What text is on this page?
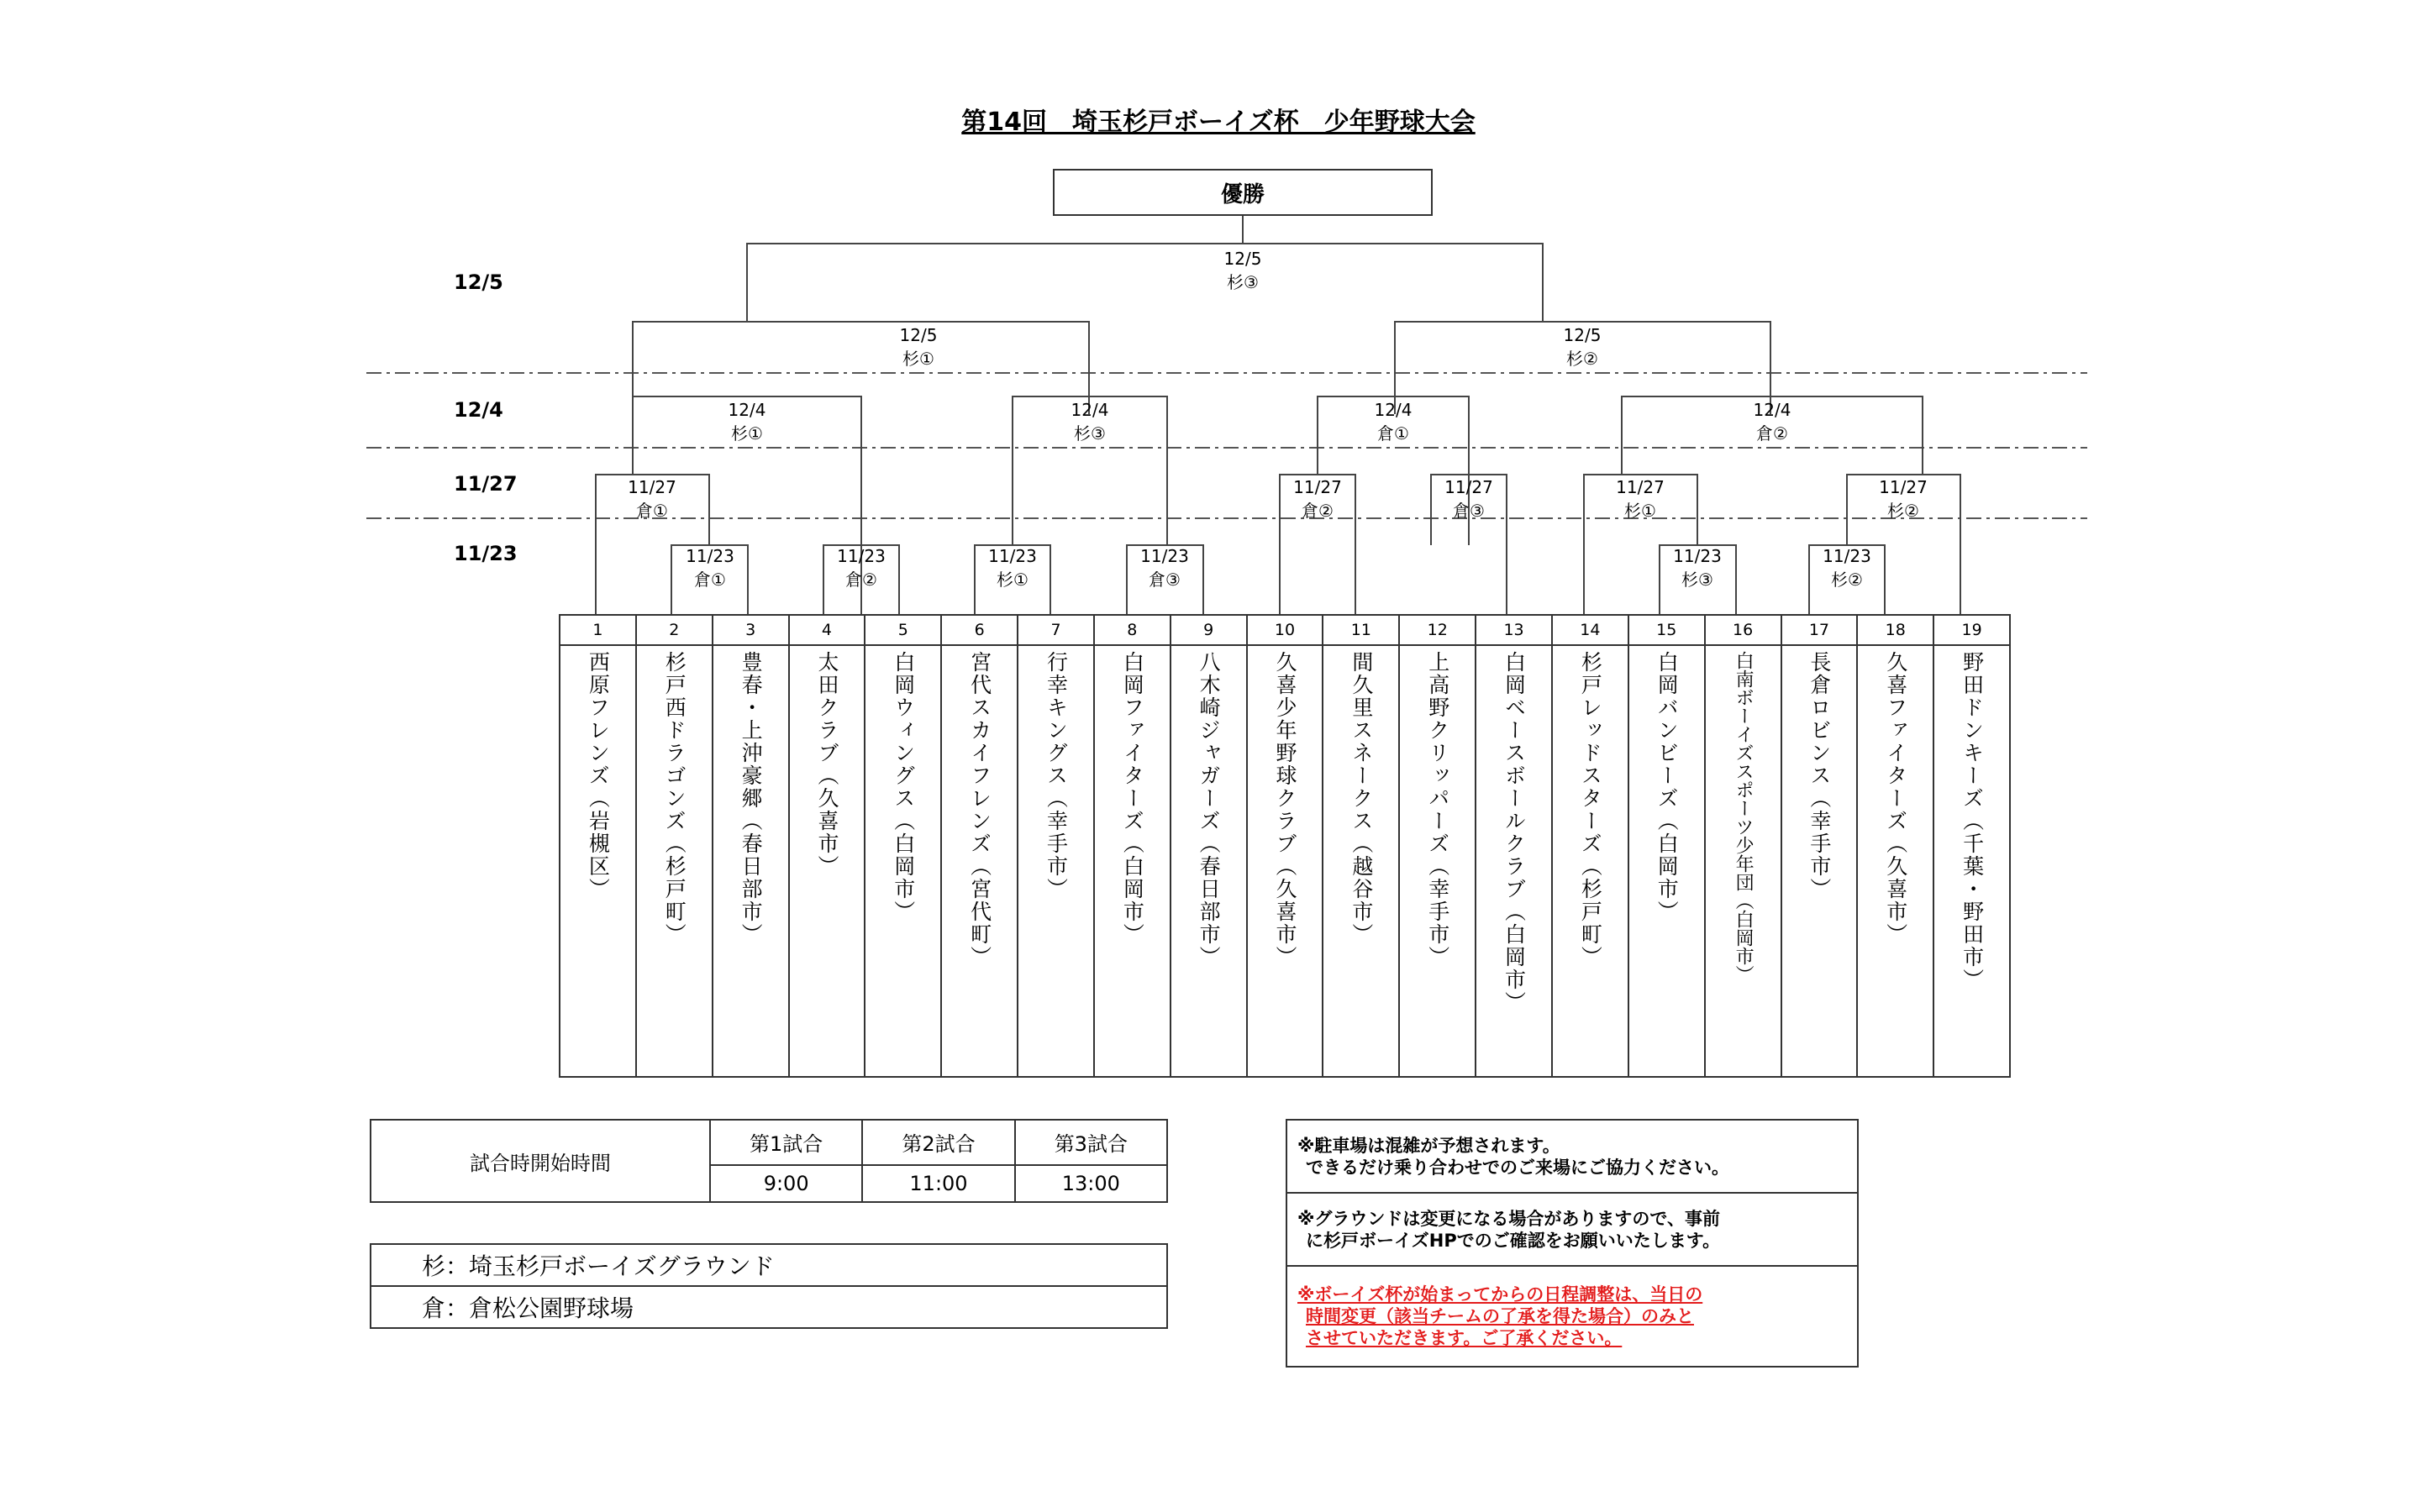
第14回　埼玉杉戸ボーイズ杯　少年野球大会
優勝
12/5
12/4
11/27
11/23
12/5
杉③
12/5
杉①
12/5
杉②
12/4
杉①
12/4
杉③
12/4
倉①
12/4
倉②
11/27
倉①
11/27
倉②
11/27
倉③
11/27
杉①
11/27
杉②
11/23
倉①
11/23
倉②
11/23
杉①
11/23
倉③
11/23
杉③
11/23
杉②
1
西原フレンズ（岩槻区）
2
杉戸西ドラゴンズ（杉戸町）
3
豊春・上沖豪郷（春日部市）
4
太田クラブ（久喜市）
5
白岡ウィングス（白岡市）
6
宮代スカイフレンズ（宮代町）
7
行幸キングス（幸手市）
8
白岡ファイターズ（白岡市）
9
八木崎ジャガーズ（春日部市）
10
久喜少年野球クラブ（久喜市）
11
間久里スネークス（越谷市）
12
上高野クリッパーズ（幸手市）
13
白岡ベースボールクラブ（白岡市）
14
杉戸レッドスターズ（杉戸町）
15
白岡バンビーズ（白岡市）
16
白南ボーイズスポーツ少年団（白岡市）
17
長倉ロビンス（幸手市）
18
久喜ファイターズ（久喜市）
19
野田ドンキーズ（千葉・野田市）
試合時開始時間	第1試合	第2試合	第3試合
	9:00	11:00	13:00
杉：埼玉杉戸ボーイズグラウンド
倉：倉松公園野球場
※駐車場は混雑が予想されます。
できるだけ乗り合わせでのご来場にご協力ください。

※グラウンドは変更になる場合がありますので、事前
に杉戸ボーイズHPでのご確認をお願いいたします。

※ボーイズ杯が始まってからの日程調整は、当日の
時間変更（該当チームの了承を得た場合）のみと
させていただきます。ご了承ください。
